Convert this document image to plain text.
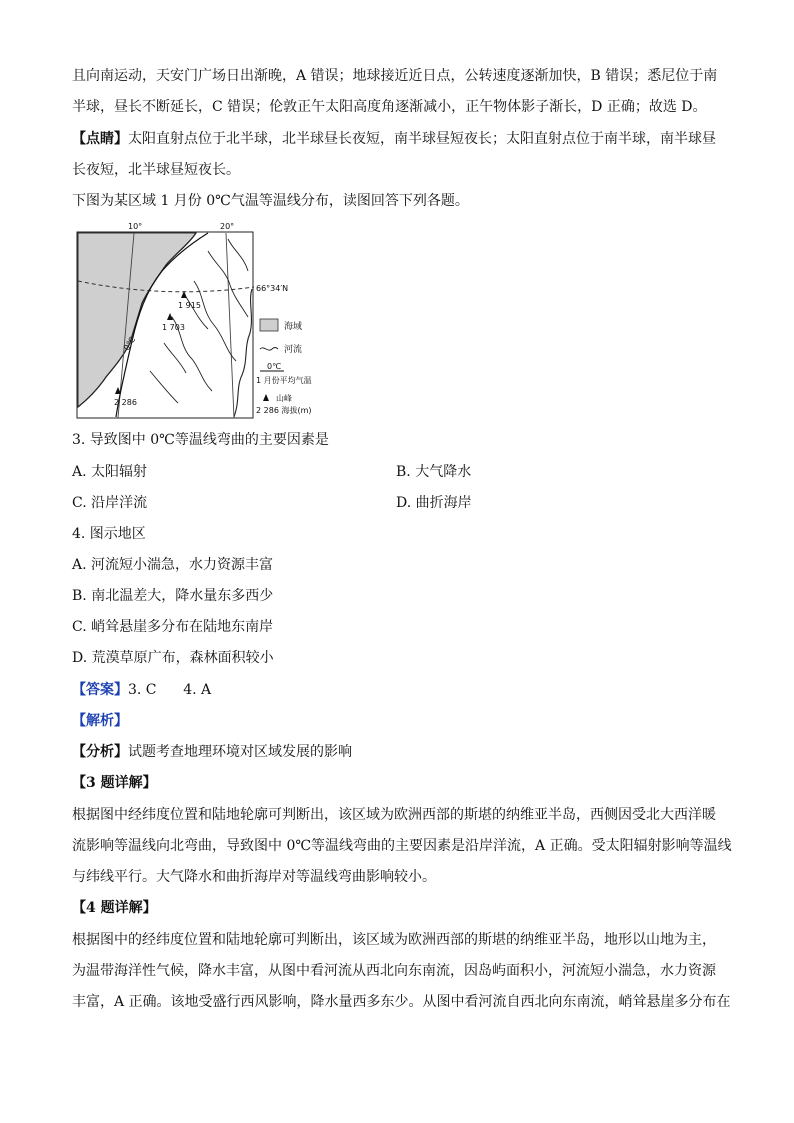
且向南运动，天安门广场日出渐晚，A 错误；地球接近近日点，公转速度逐渐加快，B 错误；悉尼位于南
半球，昼长不断延长，C 错误；伦敦正午太阳高度角逐渐减小，正午物体影子渐长，D 正确；故选 D。
【点睛】太阳直射点位于北半球，北半球昼长夜短，南半球昼短夜长；太阳直射点位于南半球，南半球昼
长夜短，北半球昼短夜长。
下图为某区域 1 月份 0℃气温等温线分布，读图回答下列各题。
10°	20°
66°34′N
0℃
1 915
1 703
2 286
海域
河流
0℃
1 月份平均气温
山峰
2 286 海拔(m)
3. 导致图中 0℃等温线弯曲的主要因素是
A. 太阳辐射	B. 大气降水
C. 沿岸洋流	D. 曲折海岸
4. 图示地区
A. 河流短小湍急，水力资源丰富
B. 南北温差大，降水量东多西少
C. 峭耸悬崖多分布在陆地东南岸
D. 荒漠草原广布，森林面积较小
【答案】3. C      4. A
【解析】
【分析】试题考查地理环境对区域发展的影响
【3 题详解】
根据图中经纬度位置和陆地轮廓可判断出，该区域为欧洲西部的斯堪的纳维亚半岛，西侧因受北大西洋暖
流影响等温线向北弯曲，导致图中 0℃等温线弯曲的主要因素是沿岸洋流，A 正确。受太阳辐射影响等温线
与纬线平行。大气降水和曲折海岸对等温线弯曲影响较小。
【4 题详解】
根据图中的经纬度位置和陆地轮廓可判断出，该区域为欧洲西部的斯堪的纳维亚半岛，地形以山地为主，
为温带海洋性气候，降水丰富，从图中看河流从西北向东南流，因岛屿面积小，河流短小湍急，水力资源
丰富，A 正确。该地受盛行西风影响，降水量西多东少。从图中看河流自西北向东南流，峭耸悬崖多分布在
